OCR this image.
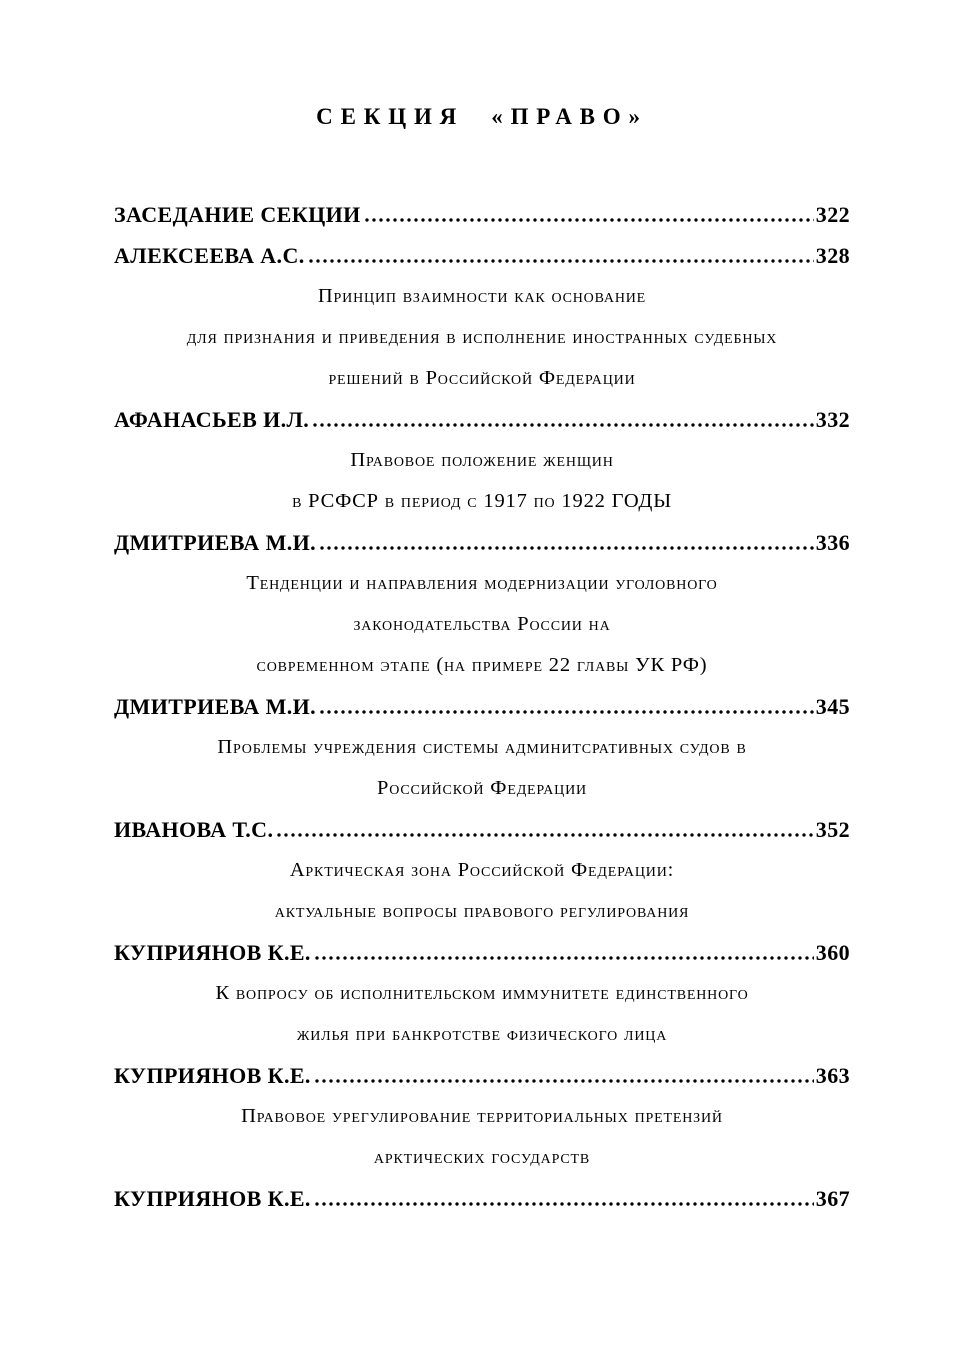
СЕКЦИЯ  «ПРАВО»
ЗАСЕДАНИЕ СЕКЦИИ	322
АЛЕКСЕЕВА А.С.	328
Принцип взаимности как основание
для признания и приведения в исполнение иностранных судебных
решений в Российской Федерации
АФАНАСЬЕВ И.Л.	332
Правовое положение женщин
в РСФСР в период с 1917 по 1922 ГОДЫ
ДМИТРИЕВА М.И.	336
Тенденции и направления модернизации уголовного
законодательства России на
современном этапе (на примере 22 главы УК РФ)
ДМИТРИЕВА М.И.	345
Проблемы учреждения системы админитсративных судов в
Российской Федерации
ИВАНОВА Т.С.	352
Арктическая зона Российской Федерации:
актуальные вопросы правового регулирования
КУПРИЯНОВ К.Е.	360
К вопросу об исполнительском иммунитете единственного
жилья при банкротстве физического лица
КУПРИЯНОВ К.Е.	363
Правовое урегулирование территориальных претензий
арктических государств
КУПРИЯНОВ К.Е.	367
